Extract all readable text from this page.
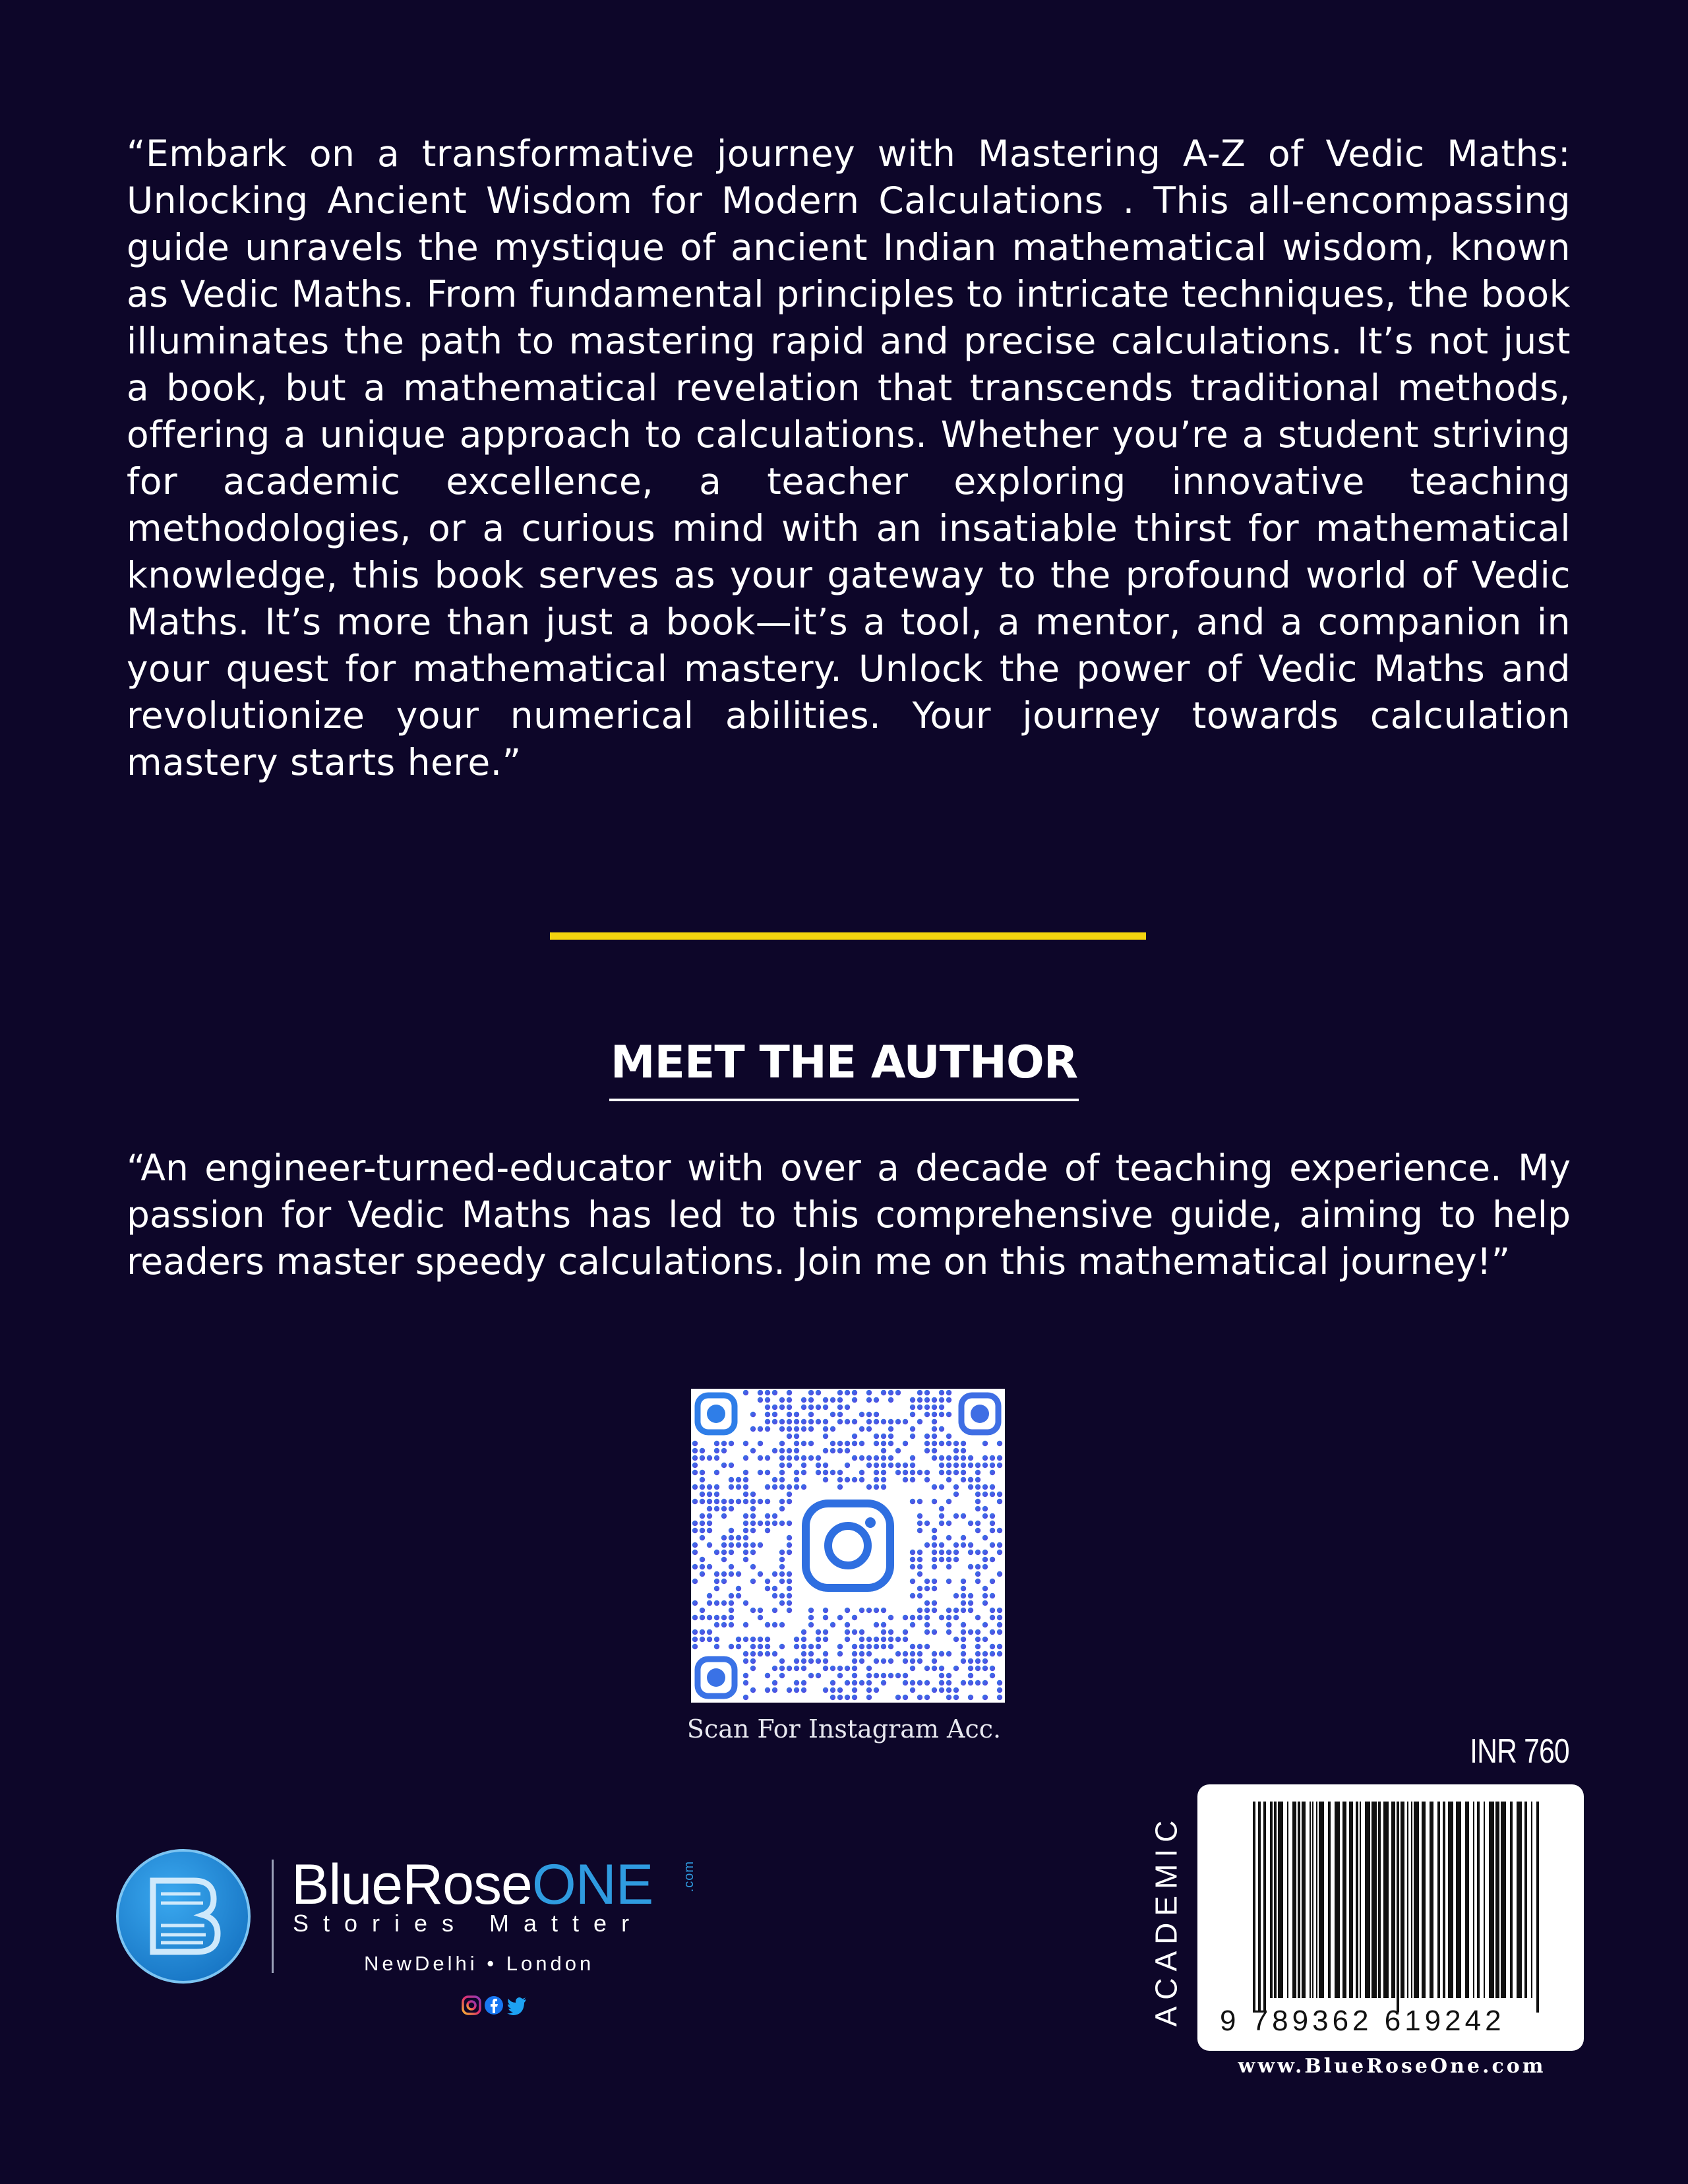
“Embark on a transformative journey with Mastering A-Z of Vedic Maths: Unlocking Ancient Wisdom for Modern Calculations . This all-encompassing guide unravels the mystique of ancient Indian mathematical wisdom, known as Vedic Maths. From fundamental principles to intricate techniques, the book illuminates the path to mastering rapid and precise calculations. It’s not just a book, but a mathematical revelation that transcends traditional methods, offering a unique approach to calculations. Whether you’re a student striving for academic excellence, a teacher exploring innovative teaching methodologies, or a curious mind with an insatiable thirst for mathematical knowledge, this book serves as your gateway to the profound world of Vedic Maths. It’s more than just a book—it’s a tool, a mentor, and a companion in your quest for mathematical mastery. Unlock the power of Vedic Maths and revolutionize your numerical abilities. Your journey towards calculation mastery starts here.”

MEET THE AUTHOR

“An engineer-turned-educator with over a decade of teaching experience. My passion for Vedic Maths has led to this comprehensive guide, aiming to help readers master speedy calculations. Join me on this mathematical journey!”

Scan For Instagram Acc.
INR 760
BlueRoseONE .com
Stories Matter
NewDelhi • London	ACADEMIC 9 789362 619242
www.BlueRoseOne.com
